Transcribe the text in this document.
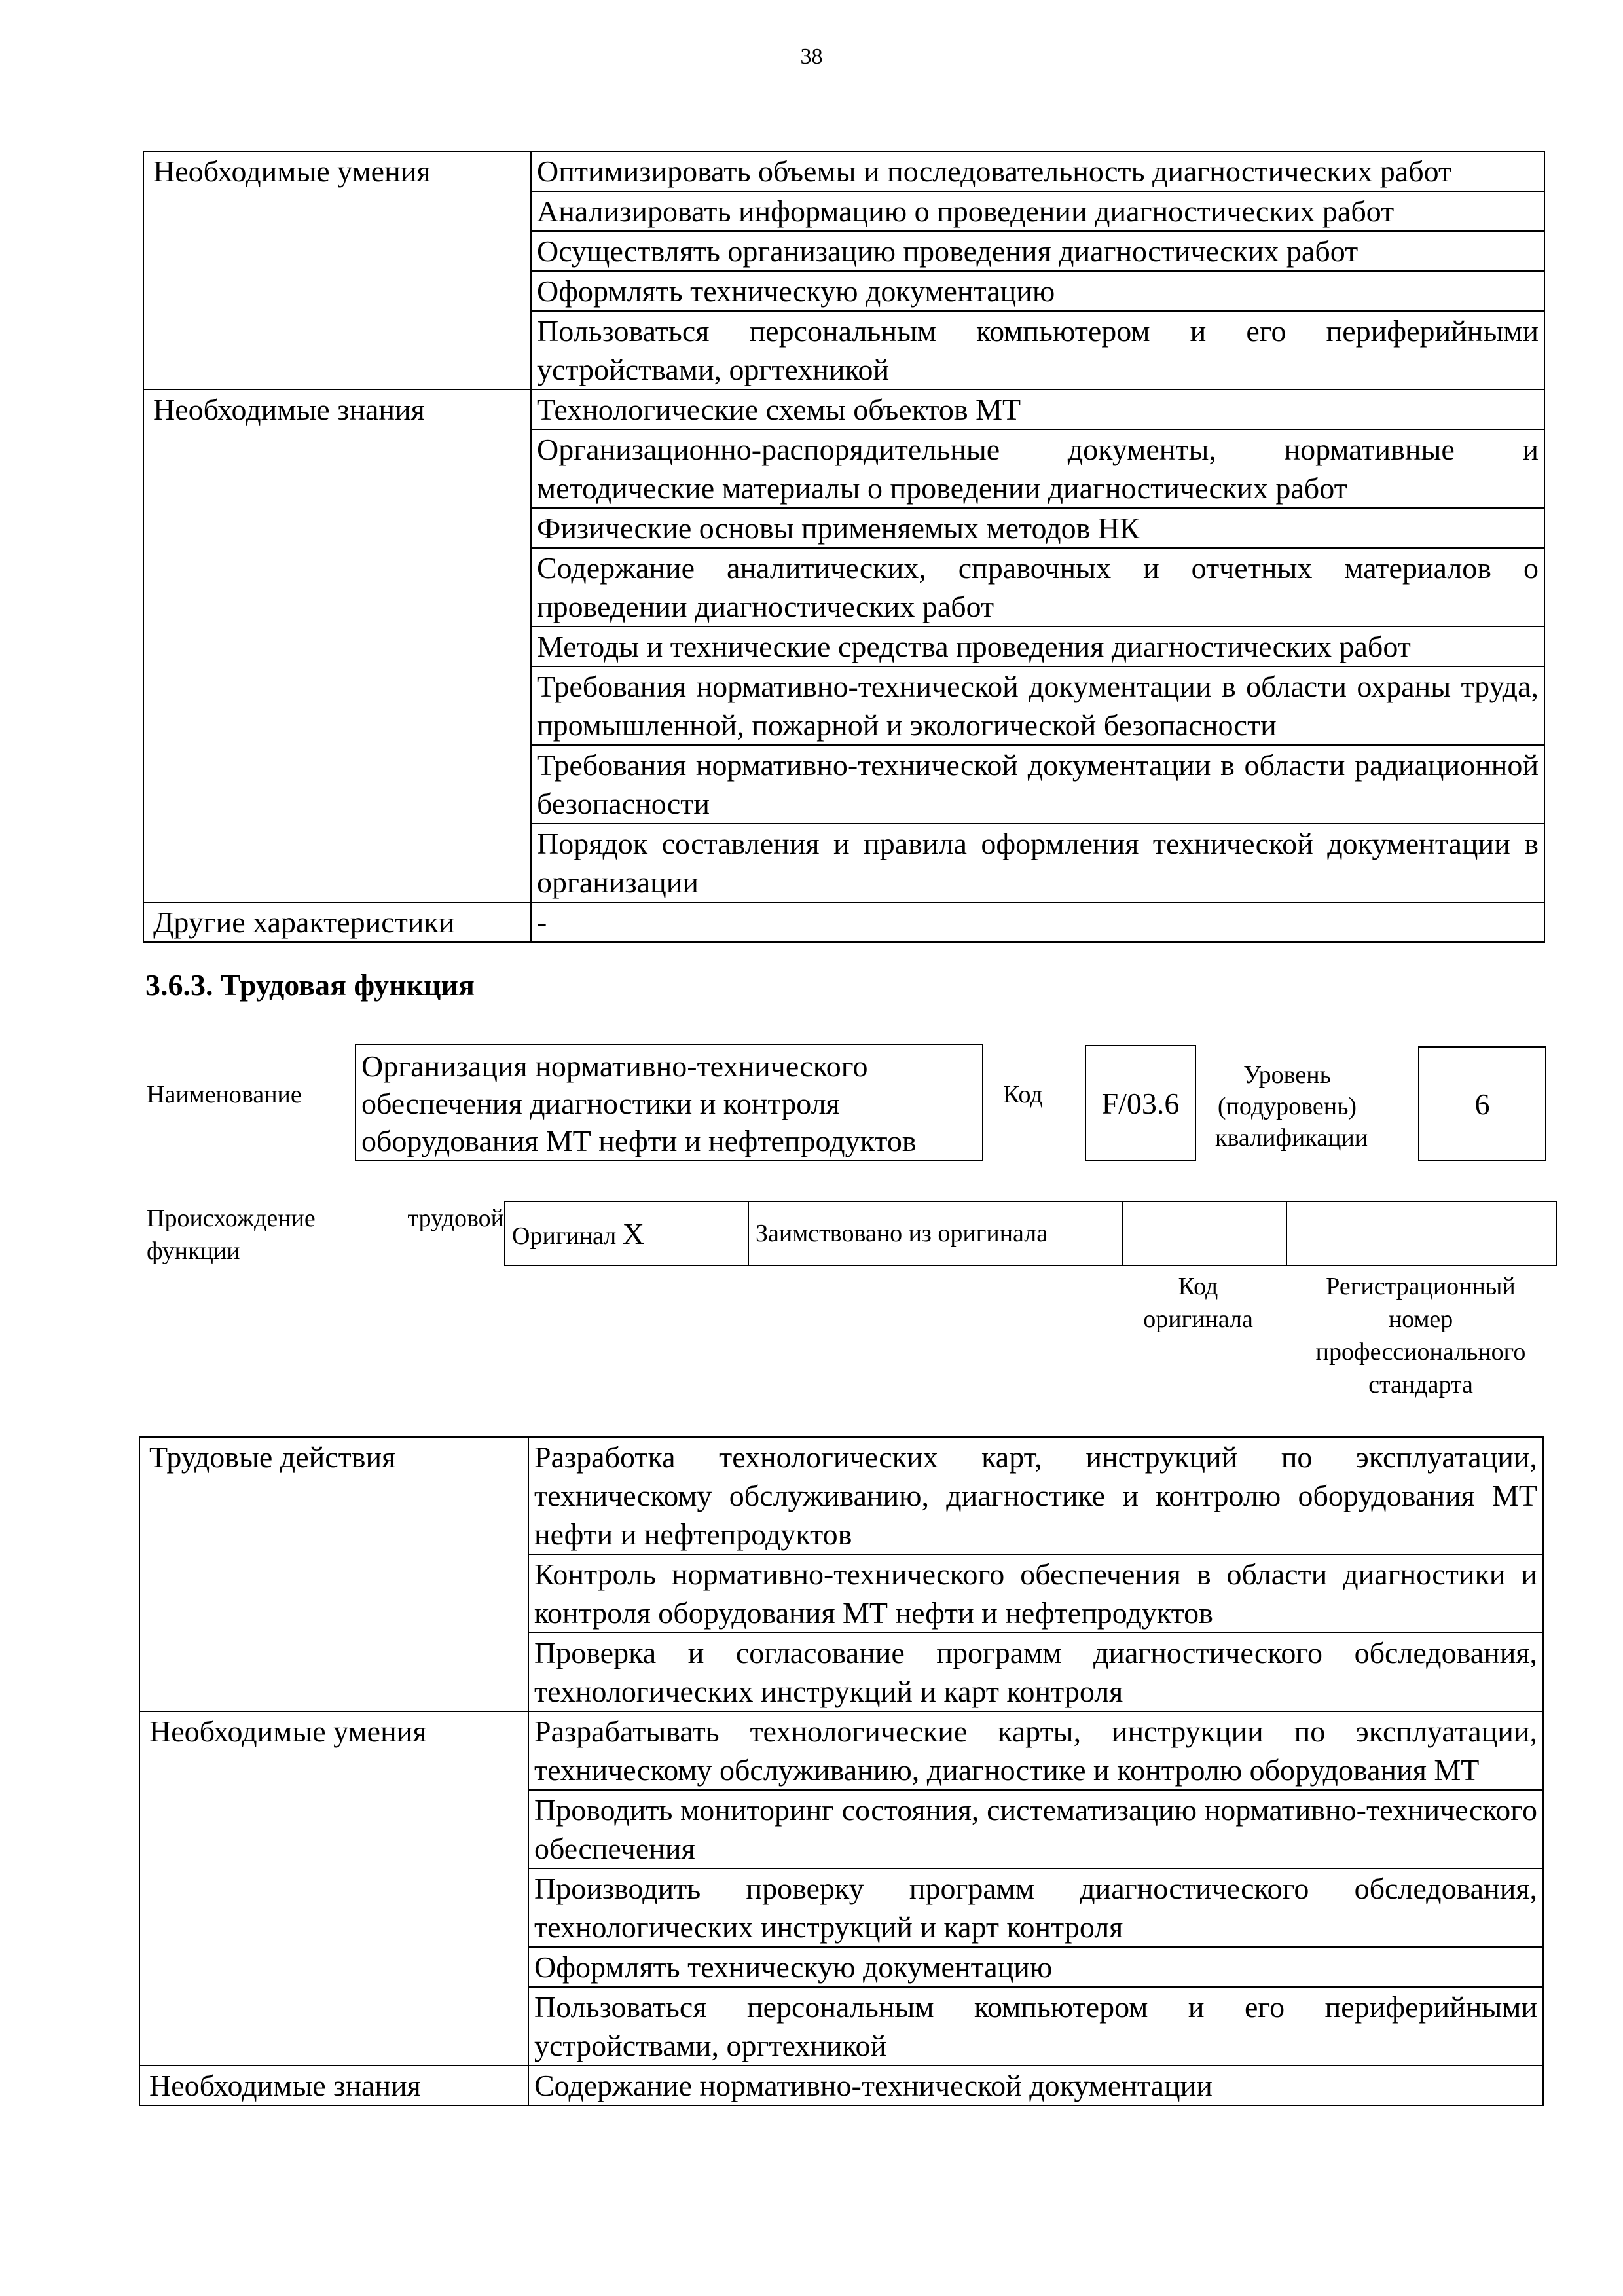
38
Необходимые умения	Оптимизировать объемы и последовательность диагностических работ
	Анализировать информацию о проведении диагностических работ
	Осуществлять организацию проведения диагностических работ
	Оформлять техническую документацию
	Пользоваться персональным компьютером и его периферийными устройствами, оргтехникой
Необходимые знания	Технологические схемы объектов МТ
	Организационно-распорядительные документы, нормативные и методические материалы о проведении диагностических работ
	Физические основы применяемых методов НК
	Содержание аналитических, справочных и отчетных материалов о проведении диагностических работ
	Методы и технические средства проведения диагностических работ
	Требования нормативно-технической документации в области охраны труда, промышленной, пожарной и экологической безопасности
	Требования нормативно-технической документации в области радиационной безопасности
	Порядок составления и правила оформления технической документации в организации
Другие характеристики	-
3.6.3. Трудовая функция
Наименование
Организация нормативно-технического
обеспечения диагностики и контроля
оборудования МТ нефти и нефтепродуктов
Код F/03.6
Уровень
(подуровень)
квалификации
6
Происхождение	трудовой
функции
Оригинал X	Заимствовано из оригинала		
Код
оригинала
Регистрационный
номер
профессионального
стандарта
Трудовые действия	Разработка технологических карт, инструкций по эксплуатации, техническому обслуживанию, диагностике и контролю оборудования МТ нефти и нефтепродуктов
	Контроль нормативно-технического обеспечения в области диагностики и контроля оборудования МТ нефти и нефтепродуктов
	Проверка и согласование программ диагностического обследования, технологических инструкций и карт контроля
Необходимые умения	Разрабатывать технологические карты, инструкции по эксплуатации, техническому обслуживанию, диагностике и контролю оборудования МТ
	Проводить мониторинг состояния, систематизацию нормативно-технического обеспечения
	Производить проверку программ диагностического обследования, технологических инструкций и карт контроля
	Оформлять техническую документацию
	Пользоваться персональным компьютером и его периферийными устройствами, оргтехникой
Необходимые знания	Содержание нормативно-технической документации
